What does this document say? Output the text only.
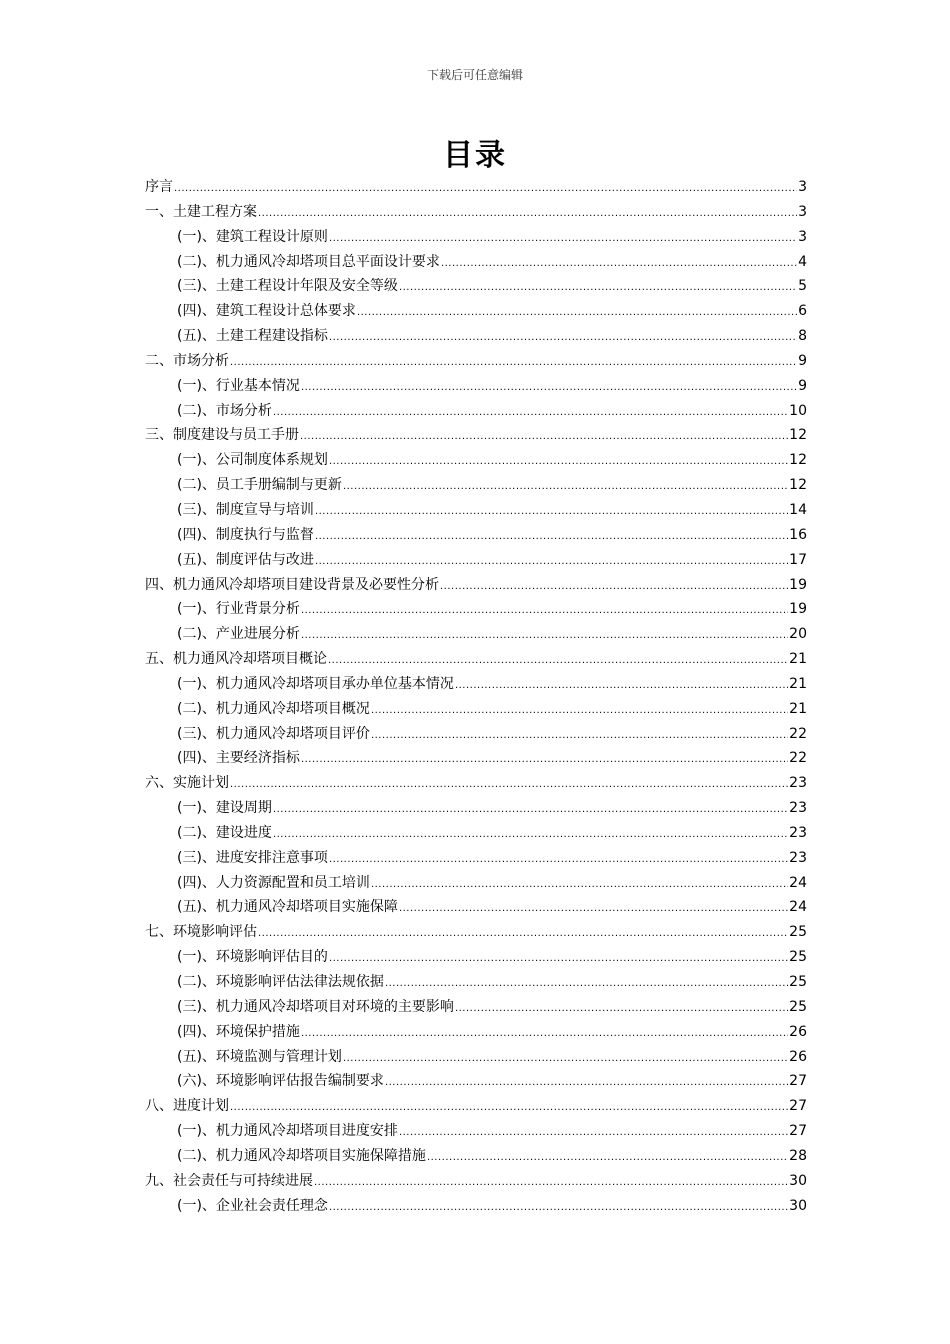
下载后可任意编辑
目录
序言 .....	3
一、土建工程方案 .....	3
(一)、建筑工程设计原则 .....	3
(二)、机力通风冷却塔项目总平面设计要求 .....	4
(三)、土建工程设计年限及安全等级 .....	5
(四)、建筑工程设计总体要求 .....	6
(五)、土建工程建设指标 .....	8
二、市场分析 .....	9
(一)、行业基本情况 .....	9
(二)、市场分析 .....	10
三、制度建设与员工手册 .....	12
(一)、公司制度体系规划 .....	12
(二)、员工手册编制与更新 .....	12
(三)、制度宣导与培训 .....	14
(四)、制度执行与监督 .....	16
(五)、制度评估与改进 .....	17
四、机力通风冷却塔项目建设背景及必要性分析 .....	19
(一)、行业背景分析 .....	19
(二)、产业进展分析 .....	20
五、机力通风冷却塔项目概论 .....	21
(一)、机力通风冷却塔项目承办单位基本情况 .....	21
(二)、机力通风冷却塔项目概况 .....	21
(三)、机力通风冷却塔项目评价 .....	22
(四)、主要经济指标 .....	22
六、实施计划 .....	23
(一)、建设周期 .....	23
(二)、建设进度 .....	23
(三)、进度安排注意事项 .....	23
(四)、人力资源配置和员工培训 .....	24
(五)、机力通风冷却塔项目实施保障 .....	24
七、环境影响评估 .....	25
(一)、环境影响评估目的 .....	25
(二)、环境影响评估法律法规依据 .....	25
(三)、机力通风冷却塔项目对环境的主要影响 .....	25
(四)、环境保护措施 .....	26
(五)、环境监测与管理计划 .....	26
(六)、环境影响评估报告编制要求 .....	27
八、进度计划 .....	27
(一)、机力通风冷却塔项目进度安排 .....	27
(二)、机力通风冷却塔项目实施保障措施 .....	28
九、社会责任与可持续进展 .....	30
(一)、企业社会责任理念 .....	30
